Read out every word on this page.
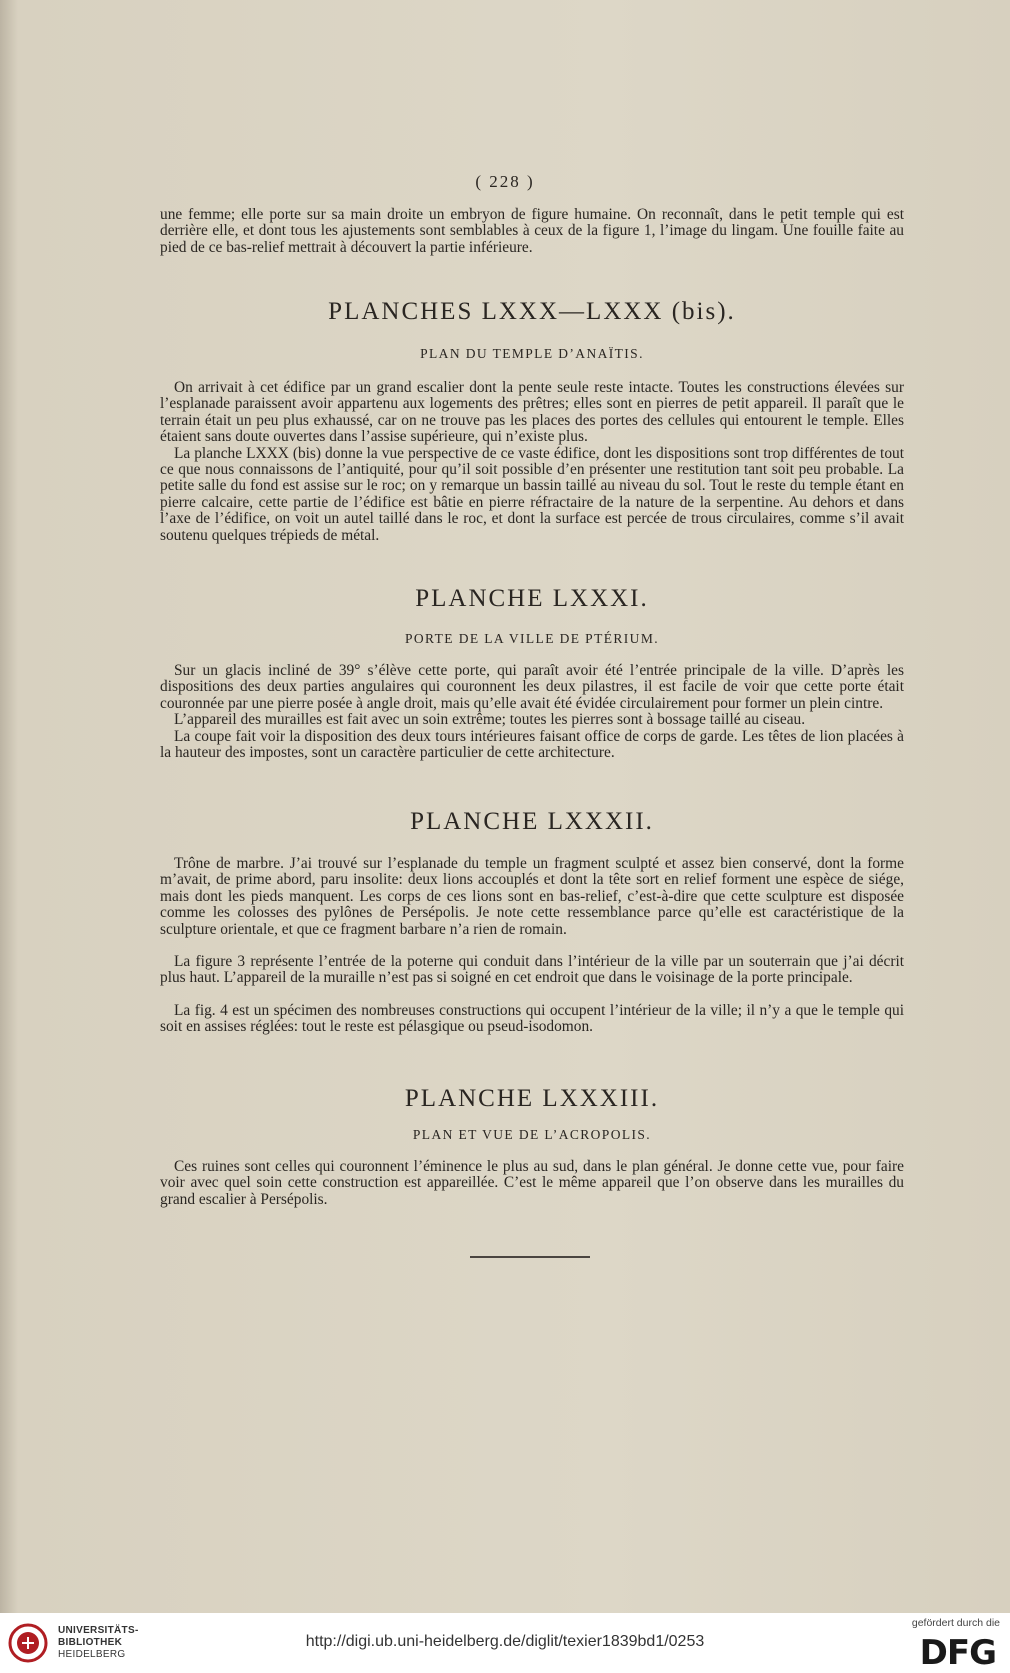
( 228 )

une femme; elle porte sur sa main droite un embryon de figure humaine. On reconnaît, dans le petit temple qui est derrière elle, et dont tous les ajustements sont semblables à ceux de la figure 1, l’image du lingam. Une fouille faite au pied de ce bas-relief mettrait à découvert la partie inférieure.

PLANCHES LXXX—LXXX (bis).
PLAN DU TEMPLE D’ANAÏTIS.

On arrivait à cet édifice par un grand escalier dont la pente seule reste intacte. Toutes les constructions élevées sur l’esplanade paraissent avoir appartenu aux logements des prêtres; elles sont en pierres de petit appareil. Il paraît que le terrain était un peu plus exhaussé, car on ne trouve pas les places des portes des cellules qui entourent le temple. Elles étaient sans doute ouvertes dans l’assise supérieure, qui n’existe plus.

La planche LXXX (bis) donne la vue perspective de ce vaste édifice, dont les dispositions sont trop différentes de tout ce que nous connaissons de l’antiquité, pour qu’il soit possible d’en présenter une restitution tant soit peu probable. La petite salle du fond est assise sur le roc; on y remarque un bassin taillé au niveau du sol. Tout le reste du temple étant en pierre calcaire, cette partie de l’édifice est bâtie en pierre réfractaire de la nature de la serpentine. Au dehors et dans l’axe de l’édifice, on voit un autel taillé dans le roc, et dont la surface est percée de trous circulaires, comme s’il avait soutenu quelques trépieds de métal.

PLANCHE LXXXI.
PORTE DE LA VILLE DE PTÉRIUM.

Sur un glacis incliné de 39° s’élève cette porte, qui paraît avoir été l’entrée principale de la ville. D’après les dispositions des deux parties angulaires qui couronnent les deux pilastres, il est facile de voir que cette porte était couronnée par une pierre posée à angle droit, mais qu’elle avait été évidée circulairement pour former un plein cintre.

L’appareil des murailles est fait avec un soin extrême; toutes les pierres sont à bossage taillé au ciseau.

La coupe fait voir la disposition des deux tours intérieures faisant office de corps de garde. Les têtes de lion placées à la hauteur des impostes, sont un caractère particulier de cette architecture.

PLANCHE LXXXII.

Trône de marbre. J’ai trouvé sur l’esplanade du temple un fragment sculpté et assez bien conservé, dont la forme m’avait, de prime abord, paru insolite: deux lions accouplés et dont la tête sort en relief forment une espèce de siége, mais dont les pieds manquent. Les corps de ces lions sont en bas-relief, c’est-à-dire que cette sculpture est disposée comme les colosses des pylônes de Persépolis. Je note cette ressemblance parce qu’elle est caractéristique de la sculpture orientale, et que ce fragment barbare n’a rien de romain.

La figure 3 représente l’entrée de la poterne qui conduit dans l’intérieur de la ville par un souterrain que j’ai décrit plus haut. L’appareil de la muraille n’est pas si soigné en cet endroit que dans le voisinage de la porte principale.

La fig. 4 est un spécimen des nombreuses constructions qui occupent l’intérieur de la ville; il n’y a que le temple qui soit en assises réglées: tout le reste est pélasgique ou pseud-isodomon.

PLANCHE LXXXIII.
PLAN ET VUE DE L’ACROPOLIS.

Ces ruines sont celles qui couronnent l’éminence le plus au sud, dans le plan général. Je donne cette vue, pour faire voir avec quel soin cette construction est appareillée. C’est le même appareil que l’on observe dans les murailles du grand escalier à Persépolis.

UNIVERSITÄTS-
BIBLIOTHEK
HEIDELBERG
http://digi.ub.uni-heidelberg.de/diglit/texier1839bd1/0253
gefördert durch die
DFG
